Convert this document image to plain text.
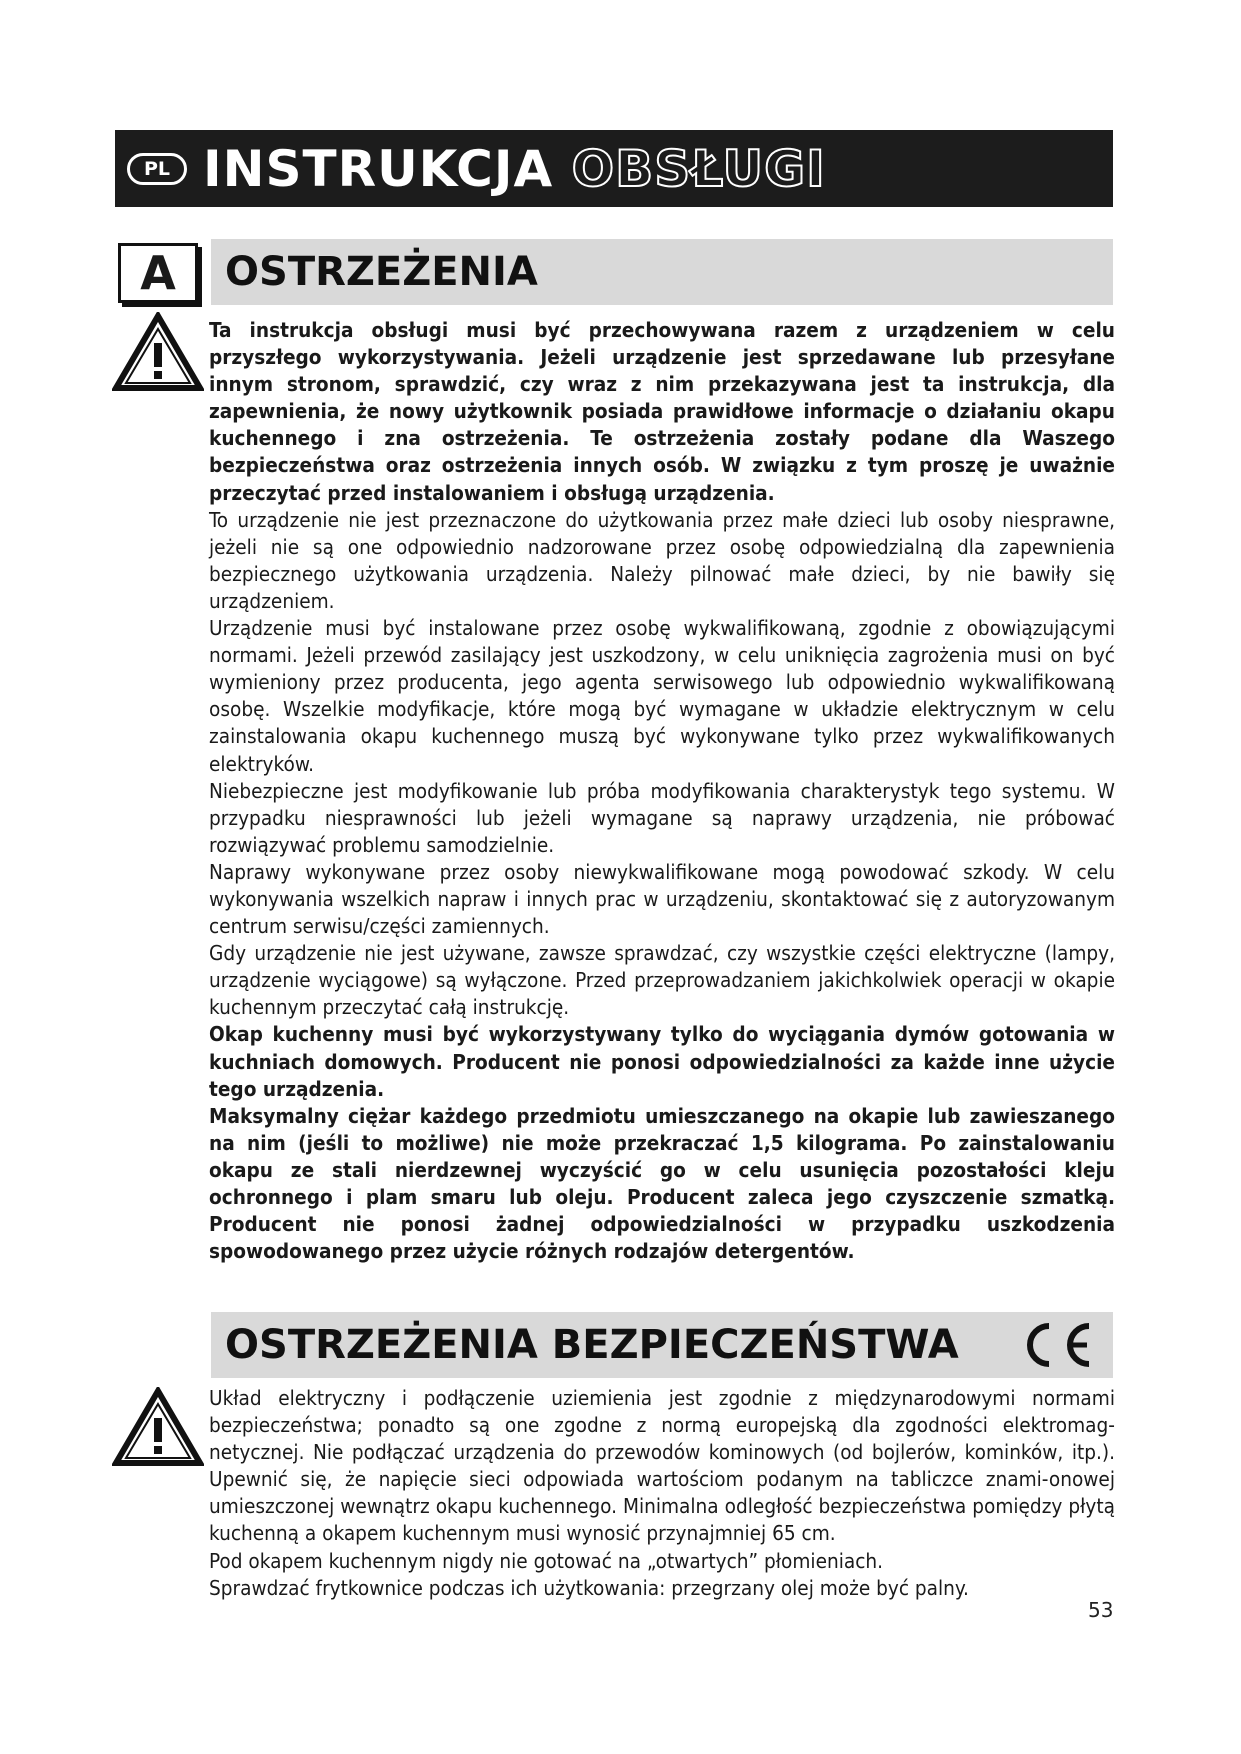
PL INSTRUKCJA OBSŁUGI
A	OSTRZEŻENIA

Ta instrukcja obsługi musi być przechowywana razem z urządzeniem w celu przyszłego wykorzystywania. Jeżeli urządzenie jest sprzedawane lub przesyłane innym stronom, sprawdzić, czy wraz z nim przekazywana jest ta instrukcja, dla zapewnienia, że nowy użytkownik posiada prawidłowe informacje o działaniu okapu kuchennego i zna ostrzeżenia. Te ostrzeżenia zostały podane dla Waszego bezpieczeństwa oraz ostrzeżenia innych osób. W związku z tym proszę je uważnie przeczytać przed instalowaniem i obsługą urządzenia.

To urządzenie nie jest przeznaczone do użytkowania przez małe dzieci lub osoby niesprawne, jeżeli nie są one odpowiednio nadzorowane przez osobę odpowiedzialną dla zapewnienia bezpiecznego użytkowania urządzenia. Należy pilnować małe dzieci, by nie bawiły się urządzeniem.

Urządzenie musi być instalowane przez osobę wykwalifikowaną, zgodnie z obowiązującymi normami. Jeżeli przewód zasilający jest uszkodzony, w celu uniknięcia zagrożenia musi on być wymieniony przez producenta, jego agenta serwisowego lub odpowiednio wykwalifikowaną osobę. Wszelkie modyfikacje, które mogą być wymagane w układzie elektrycznym w celu zainstalowania okapu kuchennego muszą być wykonywane tylko przez wykwalifikowanych elektryków.

Niebezpieczne jest modyfikowanie lub próba modyfikowania charakterystyk tego systemu. W przypadku niesprawności lub jeżeli wymagane są naprawy urządzenia, nie próbować rozwiązywać problemu samodzielnie.

Naprawy wykonywane przez osoby niewykwalifikowane mogą powodować szkody. W celu wykonywania wszelkich napraw i innych prac w urządzeniu, skontaktować się z autoryzowanym centrum serwisu/części zamiennych.

Gdy urządzenie nie jest używane, zawsze sprawdzać, czy wszystkie części elektryczne (lampy, urządzenie wyciągowe) są wyłączone. Przed przeprowadzaniem jakichkolwiek operacji w okapie kuchennym przeczytać całą instrukcję.

Okap kuchenny musi być wykorzystywany tylko do wyciągania dymów gotowania w kuchniach domowych. Producent nie ponosi odpowiedzialności za każde inne użycie tego urządzenia.

Maksymalny ciężar każdego przedmiotu umieszczanego na okapie lub zawieszanego na nim (jeśli to możliwe) nie może przekraczać 1,5 kilograma. Po zainstalowaniu okapu ze stali nierdzewnej wyczyścić go w celu usunięcia pozostałości kleju ochronnego i plam smaru lub oleju. Producent zaleca jego czyszczenie szmatką. Producent nie ponosi żadnej odpowiedzialności w przypadku uszkodzenia spowodowanego przez użycie różnych rodzajów detergentów.

OSTRZEŻENIA BEZPIECZEŃSTWA

Układ elektryczny i podłączenie uziemienia jest zgodnie z międzynarodowymi normami bezpieczeństwa; ponadto są one zgodne z normą europejską dla zgodności elektromag-netycznej. Nie podłączać urządzenia do przewodów kominowych (od bojlerów, kominków, itp.). Upewnić się, że napięcie sieci odpowiada wartościom podanym na tabliczce znami-onowej umieszczonej wewnątrz okapu kuchennego. Minimalna odległość bezpieczeństwa pomiędzy płytą kuchenną a okapem kuchennym musi wynosić przynajmniej 65 cm.

Pod okapem kuchennym nigdy nie gotować na „otwartych” płomieniach.

Sprawdzać frytkownice podczas ich użytkowania: przegrzany olej może być palny.

53
